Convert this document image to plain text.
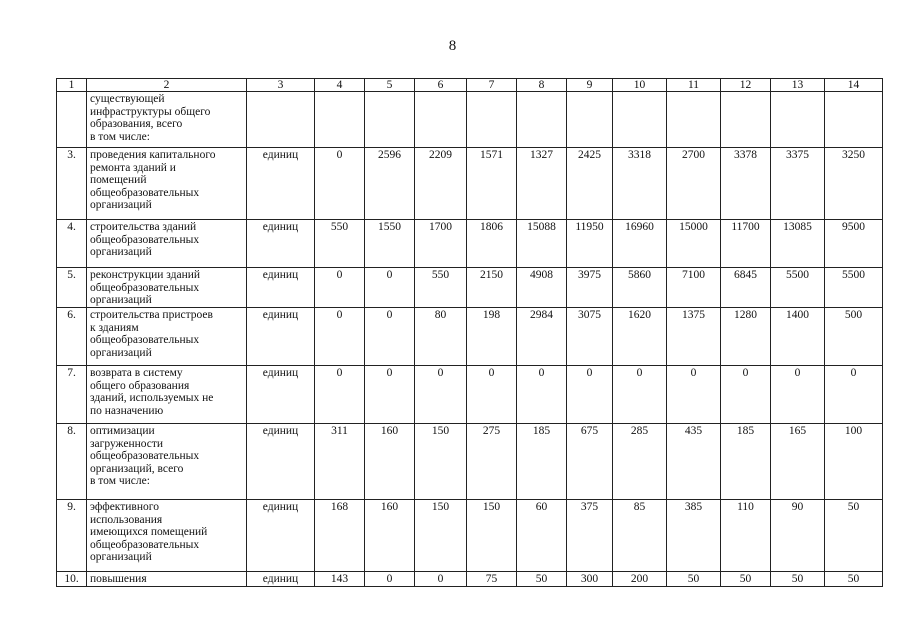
8
1	2	3	4	5	6	7	8	9	10	11	12	13	14
	существующей
инфраструктуры общего
образования, всего
в том числе:												
3.	проведения капитального
ремонта зданий и
помещений
общеобразовательных
организаций	единиц	0	2596	2209	1571	1327	2425	3318	2700	3378	3375	3250
4.	строительства зданий
общеобразовательных
организаций	единиц	550	1550	1700	1806	15088	11950	16960	15000	11700	13085	9500
5.	реконструкции зданий
общеобразовательных
организаций	единиц	0	0	550	2150	4908	3975	5860	7100	6845	5500	5500
6.	строительства пристроев
к зданиям
общеобразовательных
организаций	единиц	0	0	80	198	2984	3075	1620	1375	1280	1400	500
7.	возврата в систему
общего образования
зданий, используемых не
по назначению	единиц	0	0	0	0	0	0	0	0	0	0	0
8.	оптимизации
загруженности
общеобразовательных
организаций, всего
в том числе:	единиц	311	160	150	275	185	675	285	435	185	165	100
9.	эффективного
использования
имеющихся помещений
общеобразовательных
организаций	единиц	168	160	150	150	60	375	85	385	110	90	50
10.	повышения	единиц	143	0	0	75	50	300	200	50	50	50	50
